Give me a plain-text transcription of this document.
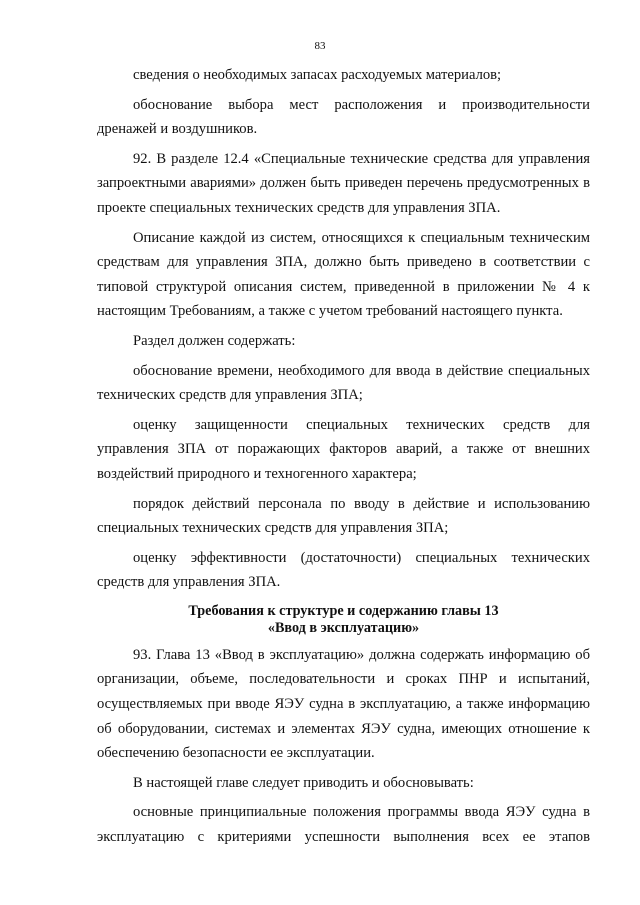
83

сведения о необходимых запасах расходуемых материалов;

обоснование выбора мест расположения и производительности дренажей и воздушников.

92. В разделе 12.4 «Специальные технические средства для управления запроектными авариями» должен быть приведен перечень предусмотренных в проекте специальных технических средств для управления ЗПА.

Описание каждой из систем, относящихся к специальным техническим средствам для управления ЗПА, должно быть приведено в соответствии с типовой структурой описания систем, приведенной в приложении № 4 к настоящим Требованиям, а также с учетом требований настоящего пункта.

Раздел должен содержать:

обоснование времени, необходимого для ввода в действие специальных технических средств для управления ЗПА;

оценку защищенности специальных технических средств для управления ЗПА от поражающих факторов аварий, а также от внешних воздействий природного и техногенного характера;

порядок действий персонала по вводу в действие и использованию специальных технических средств для управления ЗПА;

оценку эффективности (достаточности) специальных технических средств для управления ЗПА.

Требования к структуре и содержанию главы 13
«Ввод в эксплуатацию»

93. Глава 13 «Ввод в эксплуатацию» должна содержать информацию об организации, объеме, последовательности и сроках ПНР и испытаний, осуществляемых при вводе ЯЭУ судна в эксплуатацию, а также информацию об оборудовании, системах и элементах ЯЭУ судна, имеющих отношение к обеспечению безопасности ее эксплуатации.

В настоящей главе следует приводить и обосновывать:

основные принципиальные положения программы ввода ЯЭУ судна в эксплуатацию с критериями успешности выполнения всех ее этапов
